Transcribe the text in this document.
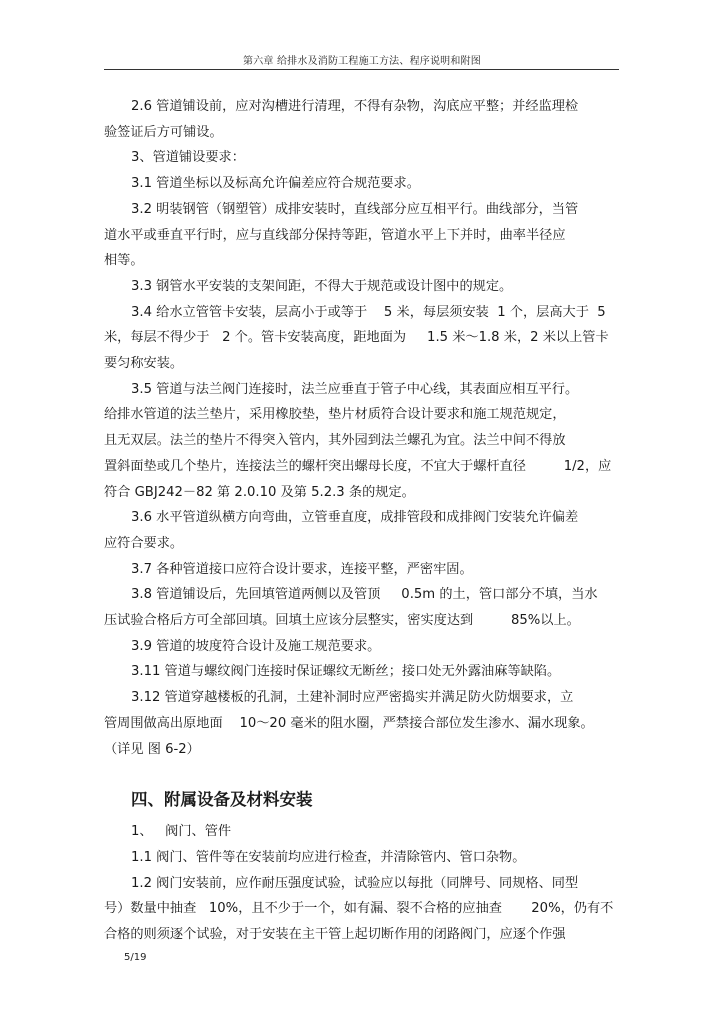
第六章 给排水及消防工程施工方法、程序说明和附图

2.6 管道铺设前，应对沟槽进行清理，不得有杂物，沟底应平整；并经监理检
验签证后方可铺设。

3、管道铺设要求：

3.1 管道坐标以及标高允许偏差应符合规范要求。

3.2 明装钢管（钢塑管）成排安装时，直线部分应互相平行。曲线部分，当管
道水平或垂直平行时，应与直线部分保持等距，管道水平上下并时，曲率半径应
相等。

3.3 钢管水平安装的支架间距，不得大于规范或设计图中的规定。

3.4 给水立管管卡安装，层高小于或等于    5 米，每层须安装  1 个，层高大于  5
米，每层不得少于   2 个。管卡安装高度，距地面为     1.5 米～1.8 米，2 米以上管卡
要匀称安装。

3.5 管道与法兰阀门连接时，法兰应垂直于管子中心线，其表面应相互平行。
给排水管道的法兰垫片，采用橡胶垫，垫片材质符合设计要求和施工规范规定，
且无双层。法兰的垫片不得突入管内，其外园到法兰螺孔为宜。法兰中间不得放
置斜面垫或几个垫片，连接法兰的螺杆突出螺母长度，不宜大于螺杆直径         1/2，应
符合 GBJ242－82 第 2.0.10 及第 5.2.3 条的规定。

3.6 水平管道纵横方向弯曲，立管垂直度，成排管段和成排阀门安装允许偏差
应符合要求。

3.7 各种管道接口应符合设计要求，连接平整，严密牢固。

3.8 管道铺设后，先回填管道两侧以及管顶     0.5m 的土，管口部分不填，当水
压试验合格后方可全部回填。回填土应该分层整实，密实度达到         85%以上。

3.9 管道的坡度符合设计及施工规范要求。

3.11 管道与螺纹阀门连接时保证螺纹无断丝；接口处无外露油麻等缺陷。

3.12 管道穿越楼板的孔洞，土建补洞时应严密捣实并满足防火防烟要求，立
管周围做高出原地面    10～20 毫米的阻水圈，严禁接合部位发生渗水、漏水现象。
（详见 图 6-2）

四、附属设备及材料安装

1、   阀门、管件

1.1 阀门、管件等在安装前均应进行检查，并清除管内、管口杂物。

1.2 阀门安装前，应作耐压强度试验，试验应以每批（同牌号、同规格、同型
号）数量中抽查   10%，且不少于一个，如有漏、裂不合格的应抽查       20%，仍有不
合格的则须逐个试验，对于安装在主干管上起切断作用的闭路阀门，应逐个作强

5/19
